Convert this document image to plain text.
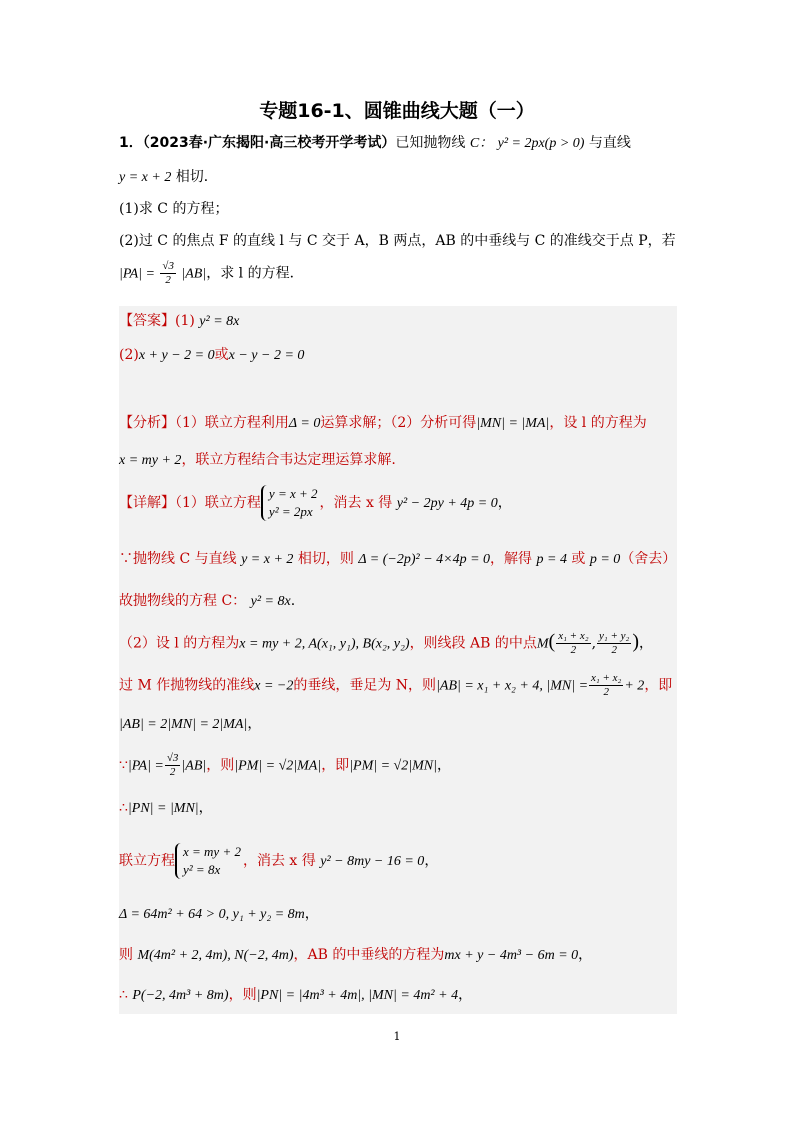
专题16-1、圆锥曲线大题（一）
1．（2023春·广东揭阳·高三校考开学考试）已知抛物线 C： y² = 2px(p > 0) 与直线
y = x + 2 相切．
(1)求 C 的方程；
(2)过 C 的焦点 F 的直线 l 与 C 交于 A，B 两点，AB 的中垂线与 C 的准线交于点 P，若
$|PA| = \frac{√3}{2} |AB|$，求 l 的方程．
【答案】(1) y² = 8x
(2)x + y − 2 = 0或x − y − 2 = 0
【分析】（1）联立方程利用Δ = 0运算求解；（2）分析可得|MN| = |MA|，设 l 的方程为
x = my + 2，联立方程结合韦达定理运算求解.
【详解】（1）联立方程
y = x + 2
y² = 2px
，消去 x 得 y² − 2py + 4p = 0，
∵抛物线 C 与直线 y = x + 2 相切，则 Δ = (−2p)² − 4×4p = 0，解得 p = 4 或 p = 0（舍去）
故抛物线的方程 C： y² = 8x.
（2）设 l 的方程为x = my + 2, A(x₁, y₁), B(x₂, y₂)，则线段 AB 的中点$M( \frac{\text{x₁ + x₂}}{2}$ , $\frac{\text{y₁ + y₂}}{2}$ )，
过 M 作抛物线的准线x = −2的垂线，垂足为 N，则|AB| = x₁ + x₂ + 4, $|MN| = \frac{\text{x₁ + x₂}}{2} + 2$，即
|AB| = 2|MN| = 2|MA|，
∵|PA| = $\frac{√3}{2} |AB|$，则|PM| = √2|MA|，即|PM| = √2|MN|，
∴|PN| = |MN|，
联立方程
x = my + 2
y² = 8x
，消去 x 得 y² − 8my − 16 = 0，
Δ = 64m² + 64 > 0, y₁ + y₂ = 8m，
则 M(4m² + 2, 4m), N(−2, 4m)，AB 的中垂线的方程为mx + y − 4m³ − 6m = 0，
∴ P(−2, 4m³ + 8m)，则|PN| = |4m³ + 4m|, |MN| = 4m² + 4，
1
